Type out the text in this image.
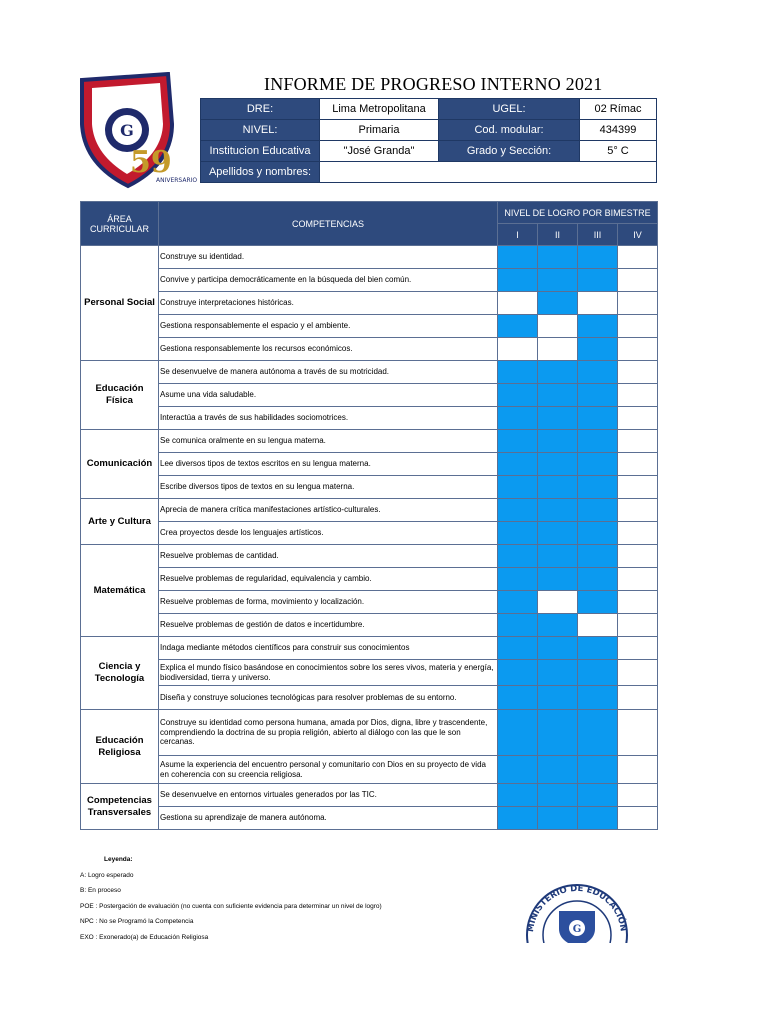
G
I. E. E.
59
ANIVERSARIO
INFORME DE PROGRESO INTERNO 2021
DRE:	Lima Metropolitana	UGEL:	02 Rímac
NIVEL:	Primaria	Cod. modular:	434399
Institucion Educativa	"José Granda"	Grado y Sección:	5° C
Apellidos y nombres:			
ÁREA CURRICULAR	COMPETENCIAS	NIVEL DE LOGRO POR BIMESTRE			
		I	II	III	IV
Personal Social	Construye su identidad.				
	Convive y participa democráticamente en la búsqueda del bien común.				
	Construye interpretaciones históricas.				
	Gestiona responsablemente el espacio y el ambiente.				
	Gestiona responsablemente los recursos económicos.				
Educación Física	Se desenvuelve de manera autónoma a través de su motricidad.				
	Asume una vida saludable.				
	Interactúa a través de sus habilidades sociomotrices.				
Comunicación	Se comunica oralmente en su lengua materna.				
	Lee diversos tipos de textos escritos en su lengua materna.				
	Escribe diversos tipos de textos en su lengua materna.				
Arte y Cultura	Aprecia de manera crítica manifestaciones artístico-culturales.				
	Crea proyectos desde los lenguajes artísticos.				
Matemática	Resuelve problemas de cantidad.				
	Resuelve problemas de regularidad, equivalencia y cambio.				
	Resuelve problemas de forma, movimiento y localización.				
	Resuelve problemas de gestión de datos e incertidumbre.				
Ciencia y Tecnología	Indaga mediante métodos científicos para construir sus conocimientos				
	Explica el mundo físico basándose en conocimientos sobre los seres vivos, materia y energía, biodiversidad, tierra y universo.				
	Diseña y construye soluciones tecnológicas para resolver problemas de su entorno.				
Educación Religiosa	Construye su identidad como persona humana, amada por Dios, digna, libre y trascendente, comprendiendo la doctrina de su propia religión, abierto al diálogo con las que le son cercanas.				
	Asume la experiencia del encuentro personal y comunitario con Dios en su proyecto de vida en coherencia con su creencia religiosa.				
Competencias Transversales	Se desenvuelve en entornos virtuales generados por las TIC.				
	Gestiona su aprendizaje de manera autónoma.				
Leyenda:
A: Logro esperado
B: En proceso
POE : Postergación de evaluación (no cuenta con suficiente evidencia para determinar un nivel de logro)
NPC : No se Programó la Competencia
EXO : Exonerado(a) de Educación Religiosa
MINISTERIO DE EDUCACIÓN
G
